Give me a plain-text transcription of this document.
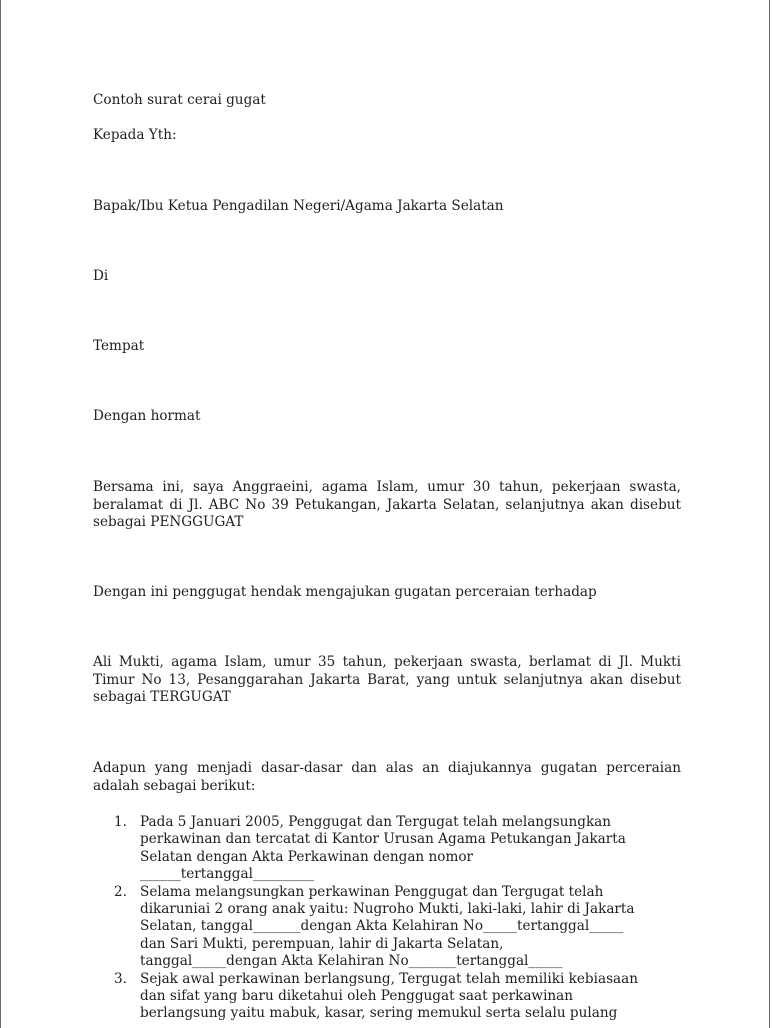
Contoh surat cerai gugat

Kepada Yth:

Bapak/Ibu Ketua Pengadilan Negeri/Agama Jakarta Selatan

Di

Tempat

Dengan hormat

Bersama ini, saya Anggraeini, agama Islam, umur 30 tahun, pekerjaan swasta, beralamat di Jl. ABC No 39 Petukangan, Jakarta Selatan, selanjutnya akan disebut sebagai PENGGUGAT

Dengan ini penggugat hendak mengajukan gugatan perceraian terhadap

Ali Mukti, agama Islam, umur 35 tahun, pekerjaan swasta, berlamat di Jl. Mukti Timur No 13, Pesanggarahan Jakarta Barat, yang untuk selanjutnya akan disebut sebagai TERGUGAT

Adapun yang menjadi dasar-dasar dan alas an diajukannya gugatan perceraian adalah sebagai berikut:

1. Pada 5 Januari 2005, Penggugat dan Tergugat telah melangsungkan
perkawinan dan tercatat di Kantor Urusan Agama Petukangan Jakarta
Selatan dengan Akta Perkawinan dengan nomor
______tertanggal_________
2. Selama melangsungkan perkawinan Penggugat dan Tergugat telah
dikaruniai 2 orang anak yaitu: Nugroho Mukti, laki-laki, lahir di Jakarta
Selatan, tanggal_______dengan Akta Kelahiran No_____tertanggal_____
dan Sari Mukti, perempuan, lahir di Jakarta Selatan,
tanggal_____dengan Akta Kelahiran No_______tertanggal_____
3. Sejak awal perkawinan berlangsung, Tergugat telah memiliki kebiasaan
dan sifat yang baru diketahui oleh Penggugat saat perkawinan
berlangsung yaitu mabuk, kasar, sering memukul serta selalu pulang
